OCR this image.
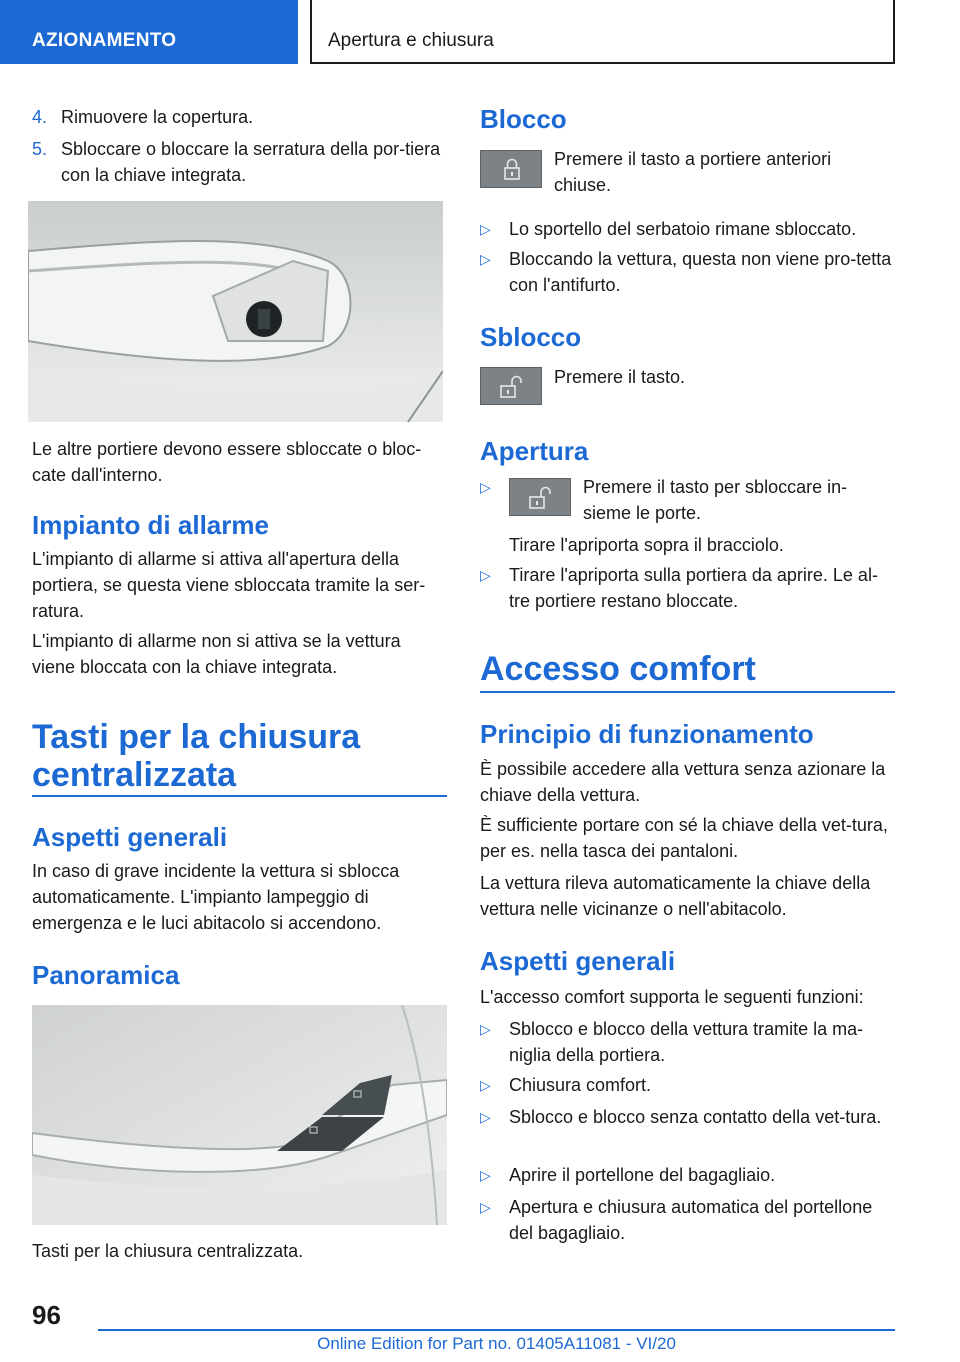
AZIONAMENTO	Apertura e chiusura
4. Rimuovere la copertura.
5. Sbloccare o bloccare la serratura della por-tiera con la chiave integrata.
Le altre portiere devono essere sbloccate o bloc-cate dall'interno.
Impianto di allarme
L'impianto di allarme si attiva all'apertura della portiera, se questa viene sbloccata tramite la ser-ratura.
L'impianto di allarme non si attiva se la vettura viene bloccata con la chiave integrata.
Tasti per la chiusura
centralizzata
Aspetti generali
In caso di grave incidente la vettura si sblocca automaticamente. L'impianto lampeggio di emergenza e le luci abitacolo si accendono.
Panoramica
Tasti per la chiusura centralizzata.
Blocco
Premere il tasto a portiere anteriori chiuse.
▷ Lo sportello del serbatoio rimane sbloccato.
▷ Bloccando la vettura, questa non viene pro-tetta con l'antifurto.
Sblocco
Premere il tasto.
Apertura
▷	Premere il tasto per sbloccare in-sieme le porte.
Tirare l'apriporta sopra il bracciolo.
▷ Tirare l'apriporta sulla portiera da aprire. Le al-tre portiere restano bloccate.
Accesso comfort
Principio di funzionamento
È possibile accedere alla vettura senza azionare la chiave della vettura.
È sufficiente portare con sé la chiave della vet-tura, per es. nella tasca dei pantaloni.
La vettura rileva automaticamente la chiave della vettura nelle vicinanze o nell'abitacolo.
Aspetti generali
L'accesso comfort supporta le seguenti funzioni:
▷ Sblocco e blocco della vettura tramite la ma-niglia della portiera.
▷ Chiusura comfort.
▷ Sblocco e blocco senza contatto della vet-tura.
▷ Aprire il portellone del bagagliaio.
▷ Apertura e chiusura automatica del portellone del bagagliaio.
96
Online Edition for Part no. 01405A11081 - VI/20
